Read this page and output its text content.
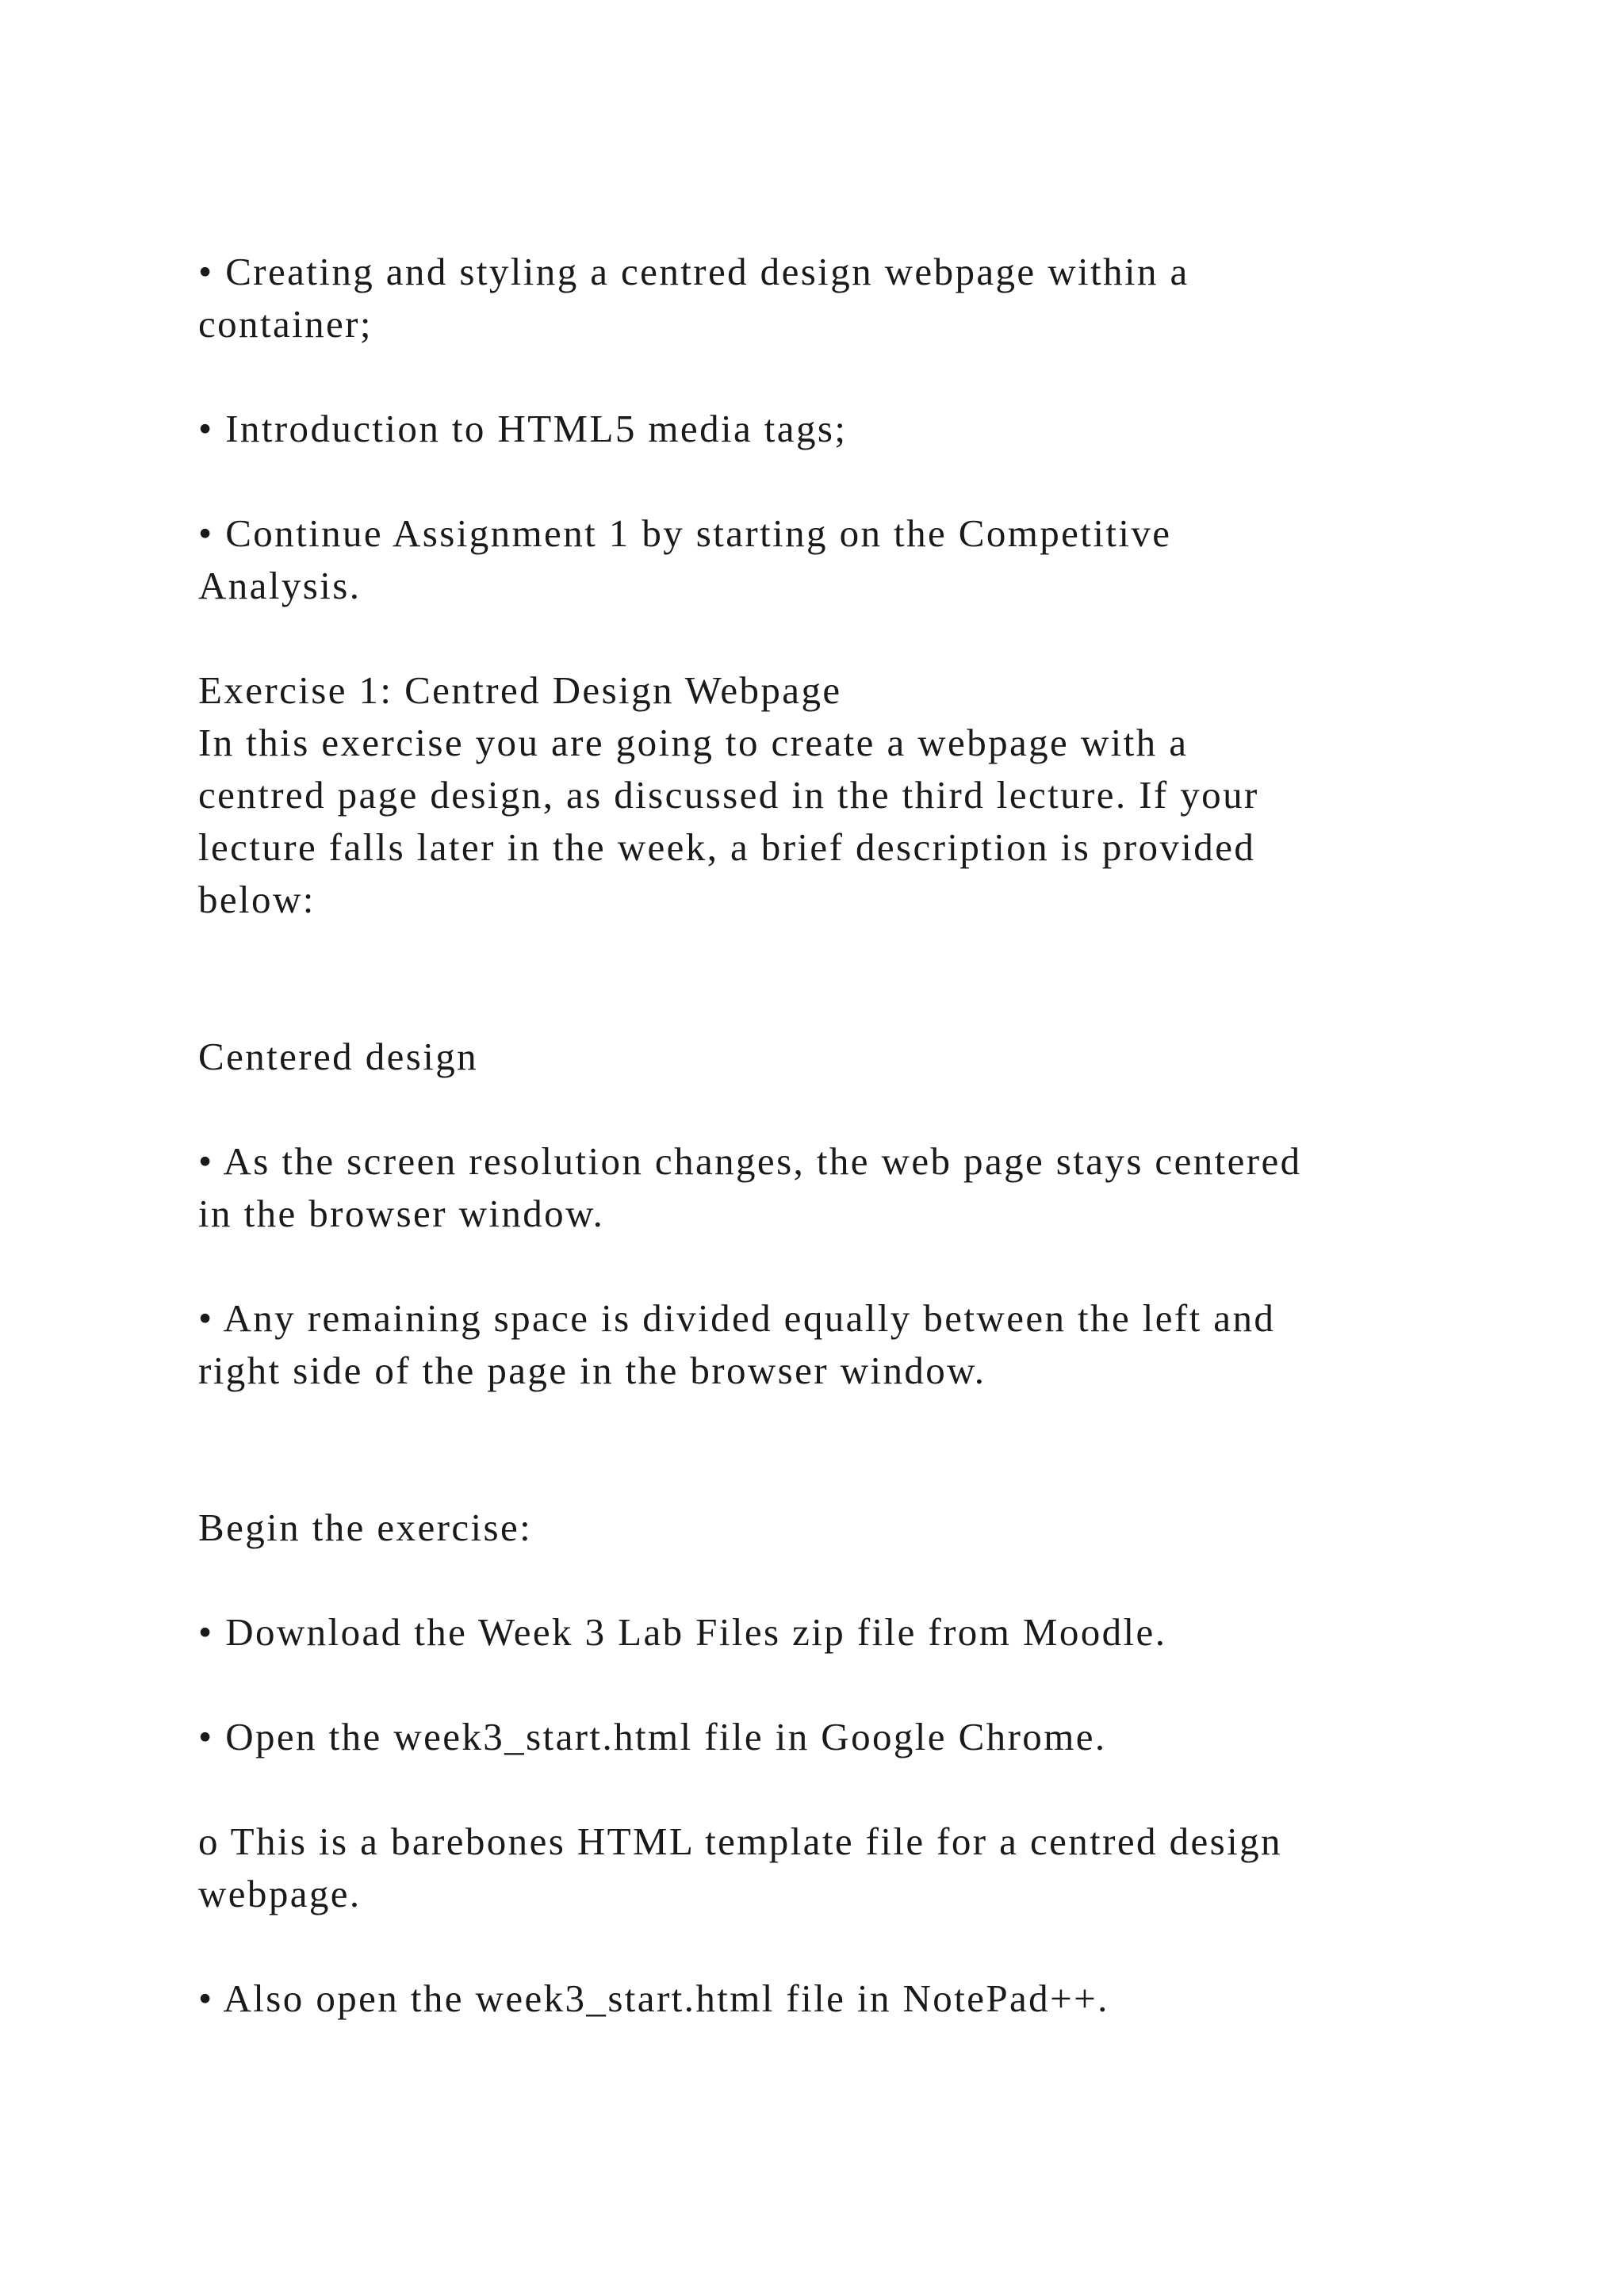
• Creating and styling a centred design webpage within a
container;
• Introduction to HTML5 media tags;
• Continue Assignment 1 by starting on the Competitive
Analysis.
Exercise 1: Centred Design Webpage
In this exercise you are going to create a webpage with a
centred page design, as discussed in the third lecture. If your
lecture falls later in the week, a brief description is provided
below:
Centered design
• As the screen resolution changes, the web page stays centered
in the browser window.
• Any remaining space is divided equally between the left and
right side of the page in the browser window.
Begin the exercise:
• Download the Week 3 Lab Files zip file from Moodle.
• Open the week3_start.html file in Google Chrome.
o This is a barebones HTML template file for a centred design
webpage.
• Also open the week3_start.html file in NotePad++.
